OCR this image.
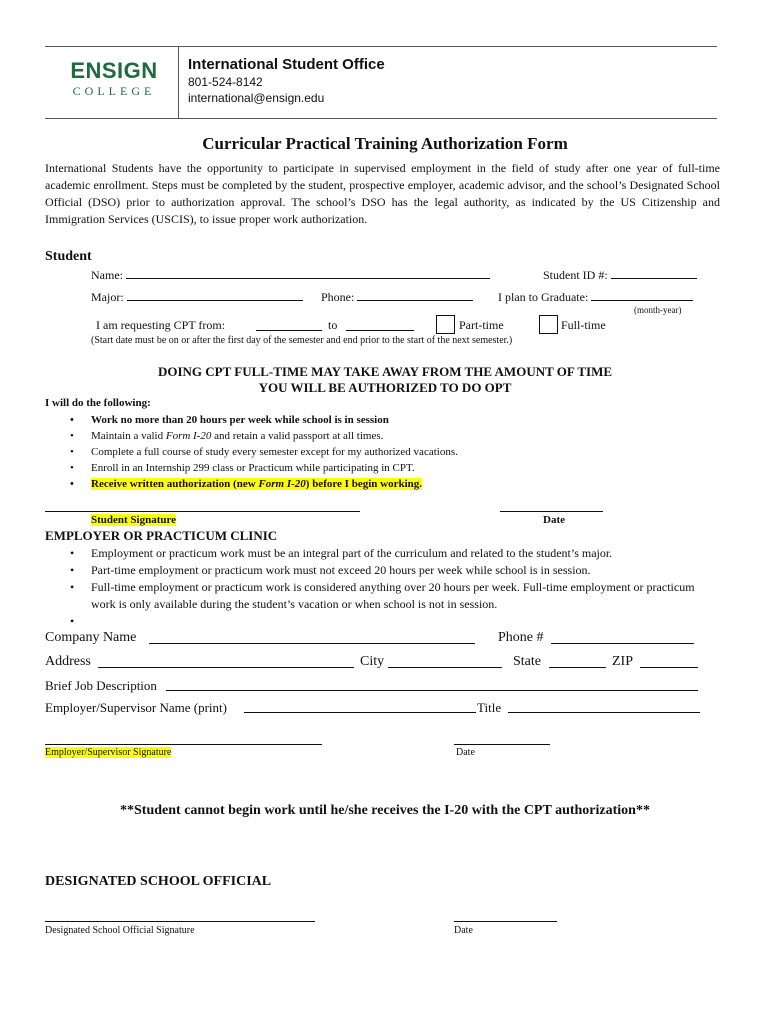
ENSIGN
COLLEGE
International Student Office
801-524-8142
international@ensign.edu
Curricular Practical Training Authorization Form
International Students have the opportunity to participate in supervised employment in the field of study after one year of full-time academic enrollment. Steps must be completed by the student, prospective employer, academic advisor, and the school’s Designated School Official (DSO) prior to authorization approval. The school’s DSO has the legal authority, as indicated by the US Citizenship and Immigration Services (USCIS), to issue proper work authorization.
Student
Name:	Student ID #:
Major:	Phone:	I plan to Graduate:
(month-year)
I am requesting CPT from:	to	Part-time	Full-time
(Start date must be on or after the first day of the semester and end prior to the start of the next semester.)
DOING CPT FULL-TIME MAY TAKE AWAY FROM THE AMOUNT OF TIME
YOU WILL BE AUTHORIZED TO DO OPT
I will do the following:
• Work no more than 20 hours per week while school is in session
• Maintain a valid Form I-20 and retain a valid passport at all times.
• Complete a full course of study every semester except for my authorized vacations.
• Enroll in an Internship 299 class or Practicum while participating in CPT.
• Receive written authorization (new Form I-20) before I begin working.
Student Signature	Date
EMPLOYER OR PRACTICUM CLINIC
• Employment or practicum work must be an integral part of the curriculum and related to the student’s major.
• Part-time employment or practicum work must not exceed 20 hours per week while school is in session.
• Full-time employment or practicum work is considered anything over 20 hours per week. Full-time employment or practicum work is only available during the student’s vacation or when school is not in session.
•
Company Name	Phone #
Address	City	State	ZIP
Brief Job Description
Employer/Supervisor Name (print)	Title
Employer/Supervisor Signature	Date
**Student cannot begin work until he/she receives the I-20 with the CPT authorization**
DESIGNATED SCHOOL OFFICIAL
Designated School Official Signature	Date
